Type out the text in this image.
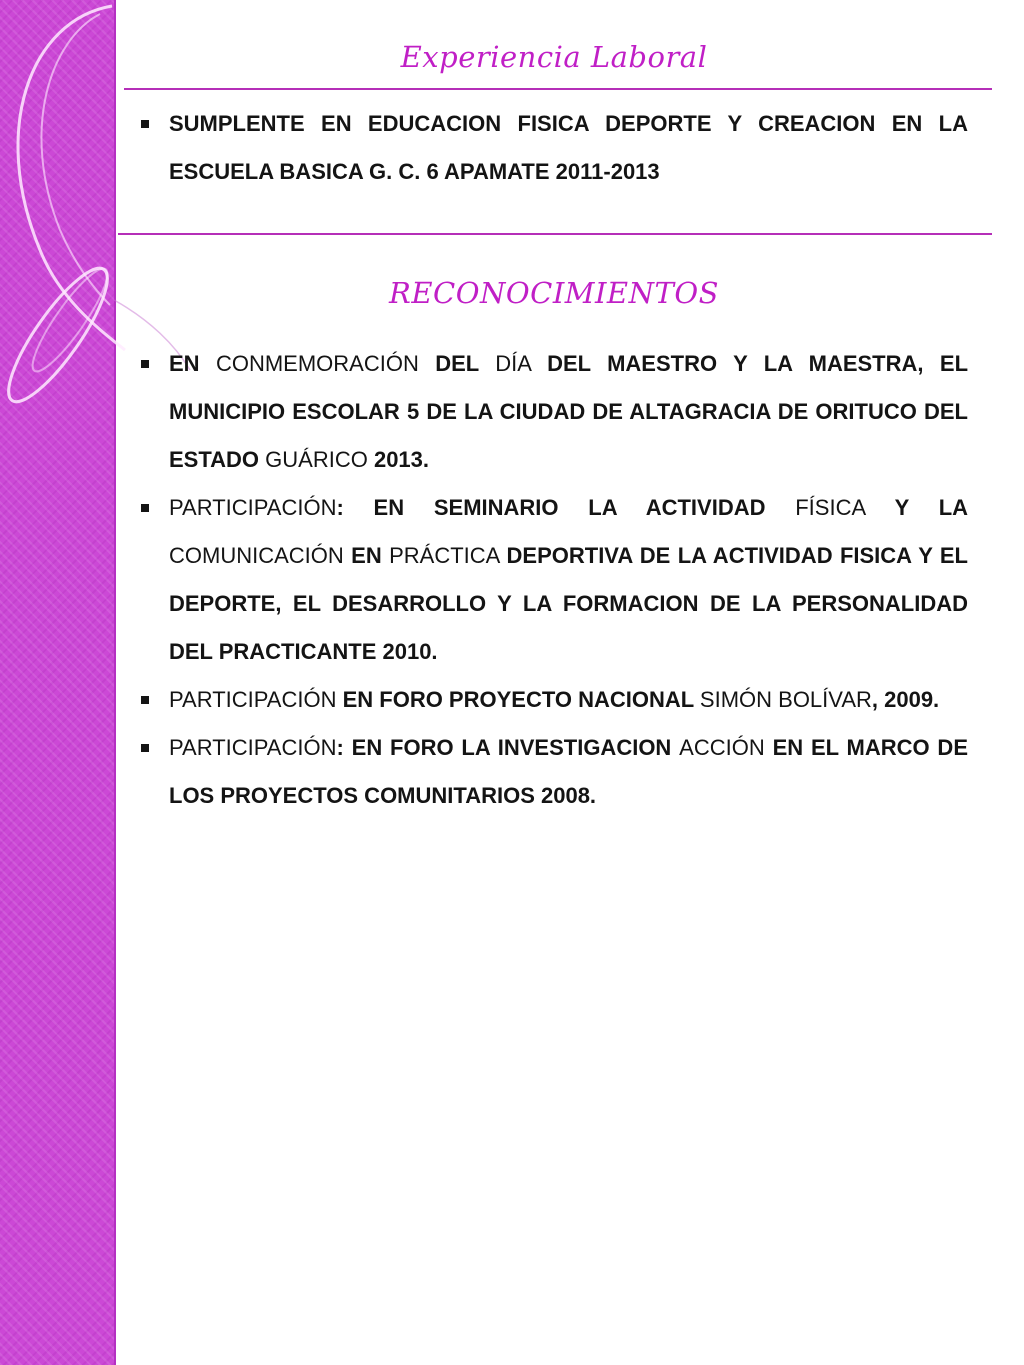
Experiencia Laboral
SUMPLENTE EN EDUCACION FISICA DEPORTE Y CREACION EN LA ESCUELA BASICA G. C. 6 APAMATE 2011-2013
RECONOCIMIENTOS
EN CONMEMORACIÓN DEL DÍA DEL MAESTRO Y LA MAESTRA, EL MUNICIPIO ESCOLAR 5 DE LA CIUDAD DE ALTAGRACIA DE ORITUCO DEL ESTADO GUÁRICO 2013.
PARTICIPACIÓN: EN SEMINARIO LA ACTIVIDAD FÍSICA Y LA COMUNICACIÓN EN PRÁCTICA DEPORTIVA DE LA ACTIVIDAD FISICA Y EL DEPORTE, EL DESARROLLO Y LA FORMACION DE LA PERSONALIDAD DEL PRACTICANTE 2010.
PARTICIPACIÓN EN FORO PROYECTO NACIONAL SIMÓN BOLÍVAR, 2009.
PARTICIPACIÓN: EN FORO LA INVESTIGACION ACCIÓN EN EL MARCO DE LOS PROYECTOS COMUNITARIOS 2008.
